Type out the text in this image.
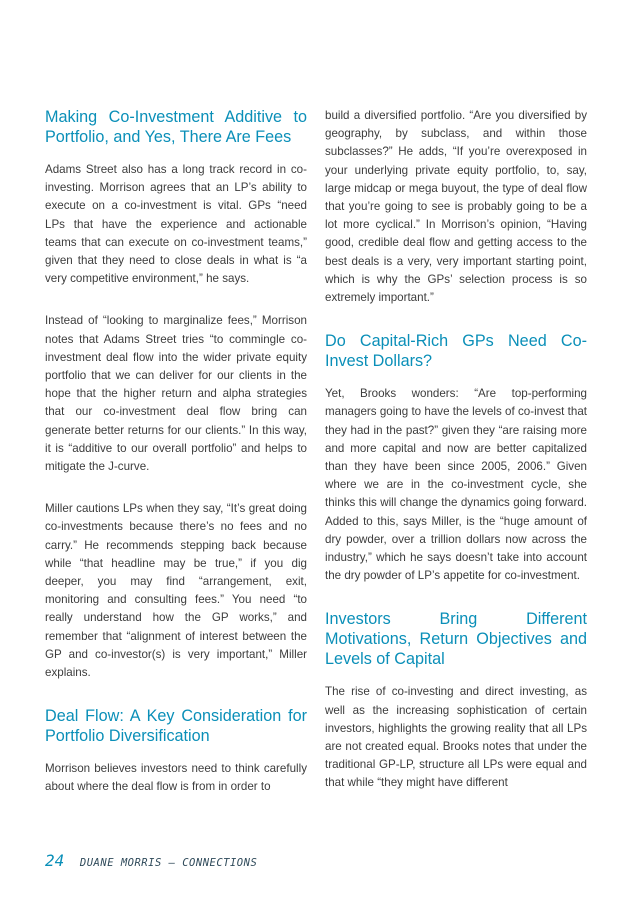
Making Co-Investment Additive to Portfolio, and Yes, There Are Fees

Adams Street also has a long track record in co-investing. Morrison agrees that an LP’s ability to execute on a co-investment is vital. GPs “need LPs that have the experience and actionable teams that can execute on co-investment teams,” given that they need to close deals in what is “a very competitive environment,” he says.

Instead of “looking to marginalize fees,” Morrison notes that Adams Street tries “to commingle co-investment deal flow into the wider private equity portfolio that we can deliver for our clients in the hope that the higher return and alpha strategies that our co-investment deal flow bring can generate better returns for our clients.” In this way, it is “additive to our overall portfolio” and helps to mitigate the J-curve.

Miller cautions LPs when they say, “It’s great doing co-investments because there’s no fees and no carry.” He recommends stepping back because while “that headline may be true,” if you dig deeper, you may find “arrangement, exit, monitoring and consulting fees.” You need “to really understand how the GP works,” and remember that “alignment of interest between the GP and co-investor(s) is very important,” Miller explains.

Deal Flow: A Key Consideration for Portfolio Diversification

Morrison believes investors need to think carefully about where the deal flow is from in order to

build a diversified portfolio. “Are you diversified by geography, by subclass, and within those subclasses?” He adds, “If you’re overexposed in your underlying private equity portfolio, to, say, large midcap or mega buyout, the type of deal flow that you’re going to see is probably going to be a lot more cyclical.” In Morrison’s opinion, “Having good, credible deal flow and getting access to the best deals is a very, very important starting point, which is why the GPs’ selection process is so extremely important.”

Do Capital-Rich GPs Need Co-Invest Dollars?

Yet, Brooks wonders: “Are top-performing managers going to have the levels of co-invest that they had in the past?” given they “are raising more and more capital and now are better capitalized than they have been since 2005, 2006.” Given where we are in the co-investment cycle, she thinks this will change the dynamics going forward. Added to this, says Miller, is the “huge amount of dry powder, over a trillion dollars now across the industry,” which he says doesn’t take into account the dry powder of LP’s appetite for co-investment.

Investors Bring Different Motivations, Return Objectives and Levels of Capital

The rise of co-investing and direct investing, as well as the increasing sophistication of certain investors, highlights the growing reality that all LPs are not created equal. Brooks notes that under the traditional GP-LP, structure all LPs were equal and that while “they might have different

24 DUANE MORRIS — CONNECTIONS
